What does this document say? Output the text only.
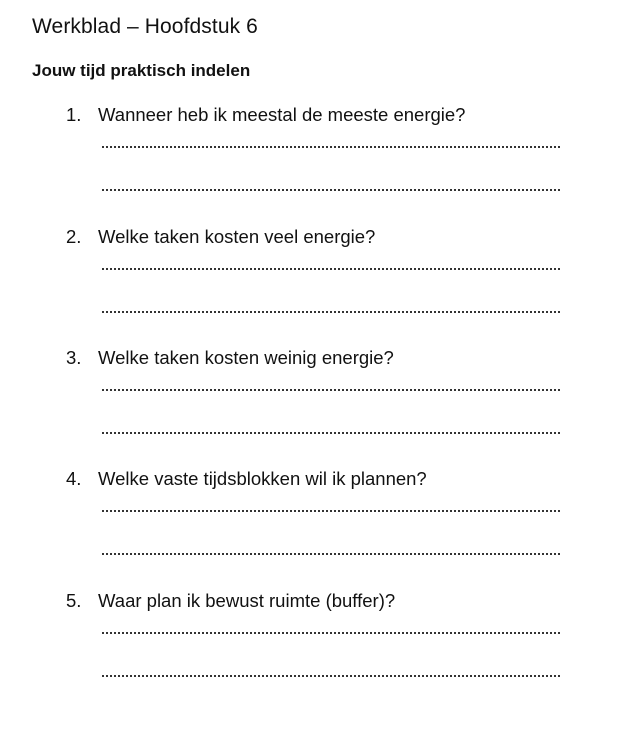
Werkblad – Hoofdstuk 6
Jouw tijd praktisch indelen
1. Wanneer heb ik meestal de meeste energie?
2. Welke taken kosten veel energie?
3. Welke taken kosten weinig energie?
4. Welke vaste tijdsblokken wil ik plannen?
5. Waar plan ik bewust ruimte (buffer)?
